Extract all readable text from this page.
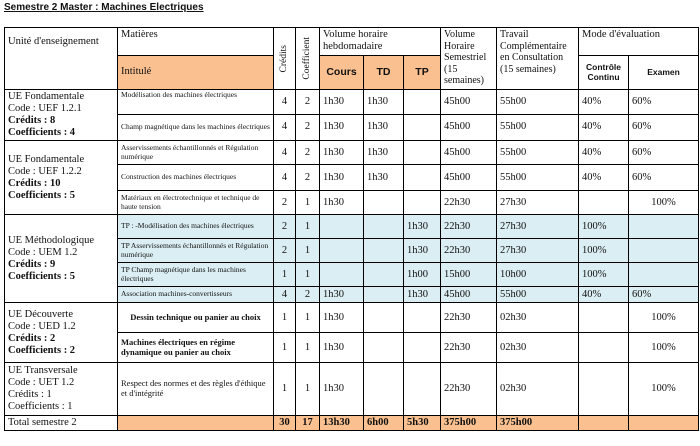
Semestre 2 Master : Machines Electriques
Unité d'enseignement	Matières	Crédits	Coefficient	Volume horaire hebdomadaire			Volume Horaire Semestriel (15 semaines)	Travail Complémentaire en Consultation (15 semaines)	Mode d'évaluation	
	Intitulé			Cours	TD	TP			Contrôle Continu	Examen

UE Fondamentale
Code : UEF 1.2.1
Crédits : 8
Coefficients : 4	Modélisation des machines électriques	4	2	1h30	1h30		45h00	55h00	40%	60%
	Champ magnétique dans les machines électriques	4	2	1h30	1h30		45h00	55h00	40%	60%

UE Fondamentale
Code : UEF 1.2.2
Crédits : 10
Coefficients : 5	Asservissements échantillonnés et Régulation numérique	4	2	1h30	1h30		45h00	55h00	40%	60%
	Construction des machines électriques	4	2	1h30	1h30		45h00	55h00	40%	60%
	Matériaux en électrotechnique et technique de haute tension	2	1	1h30			22h30	27h30		100%

UE Méthodologique
Code : UEM 1.2
Crédits : 9
Coefficients : 5	TP : -Modélisation des machines électriques	2	1			1h30	22h30	27h30	100%	
	TP Asservissements échantillonnés et Régulation numérique	2	1			1h30	22h30	27h30	100%	
	TP Champ magnétique dans les machines électriques	1	1			1h00	15h00	10h00	100%	
	Association machines-convertisseurs	4	2	1h30		1h30	45h00	55h00	40%	60%

UE Découverte
Code : UED 1.2
Crédits : 2
Coefficients : 2	Dessin technique ou panier au choix	1	1	1h30			22h30	02h30		100%
	Machines électriques en régime dynamique ou panier au choix	1	1	1h30			22h30	02h30		100%

UE Transversale
Code : UET 1.2
Crédits : 1
Coefficients : 1	Respect des normes et des règles d'éthique et d'intégrité	1	1	1h30			22h30	02h30		100%
Total semestre 2		30	17	13h30	6h00	5h30	375h00	375h00		
